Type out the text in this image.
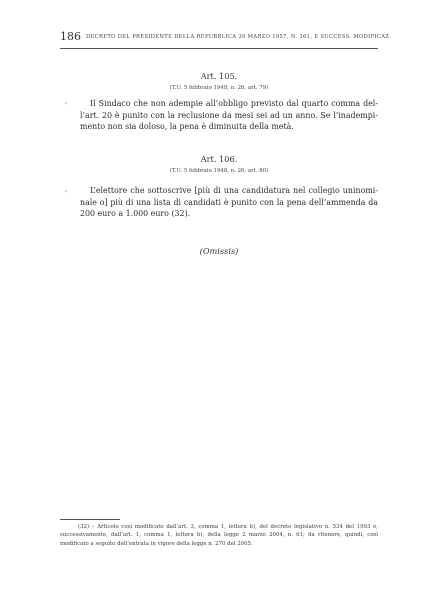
186 DECRETO DEL PRESIDENTE DELLA REPUBBLICA 30 MARZO 1957, N. 361, E SUCCESS. MODIFICAZ.
Art. 105.
(T.U. 5 febbraio 1948, n. 26, art. 79)
•	Il Sindaco che non adempie all’obbligo previsto dal quarto comma del-
l’art. 20 è punito con la reclusione da mesi sei ad un anno. Se l’inadempi-
mento non sia doloso, la pena è diminuita della metà.
Art. 106.
(T.U. 5 febbraio 1948, n. 26, art. 80)
•	L’elettore che sottoscrive [più di una candidatura nel collegio uninomi-
nale o] più di una lista di candidati è punito con la pena dell’ammenda da
200 euro a 1.000 euro (32).
(Omissis)
(32) – Articolo così modificato dall’art. 3, comma 1, lettera b), del decreto legislativo n. 534 del 1993 e,
successivamente, dall’art. 1, comma 1, lettera h), della legge 2 marzo 2004, n. 61; da ritenere, quindi, così
modificato a seguito dell’entrata in vigore della legge n. 270 del 2005.
